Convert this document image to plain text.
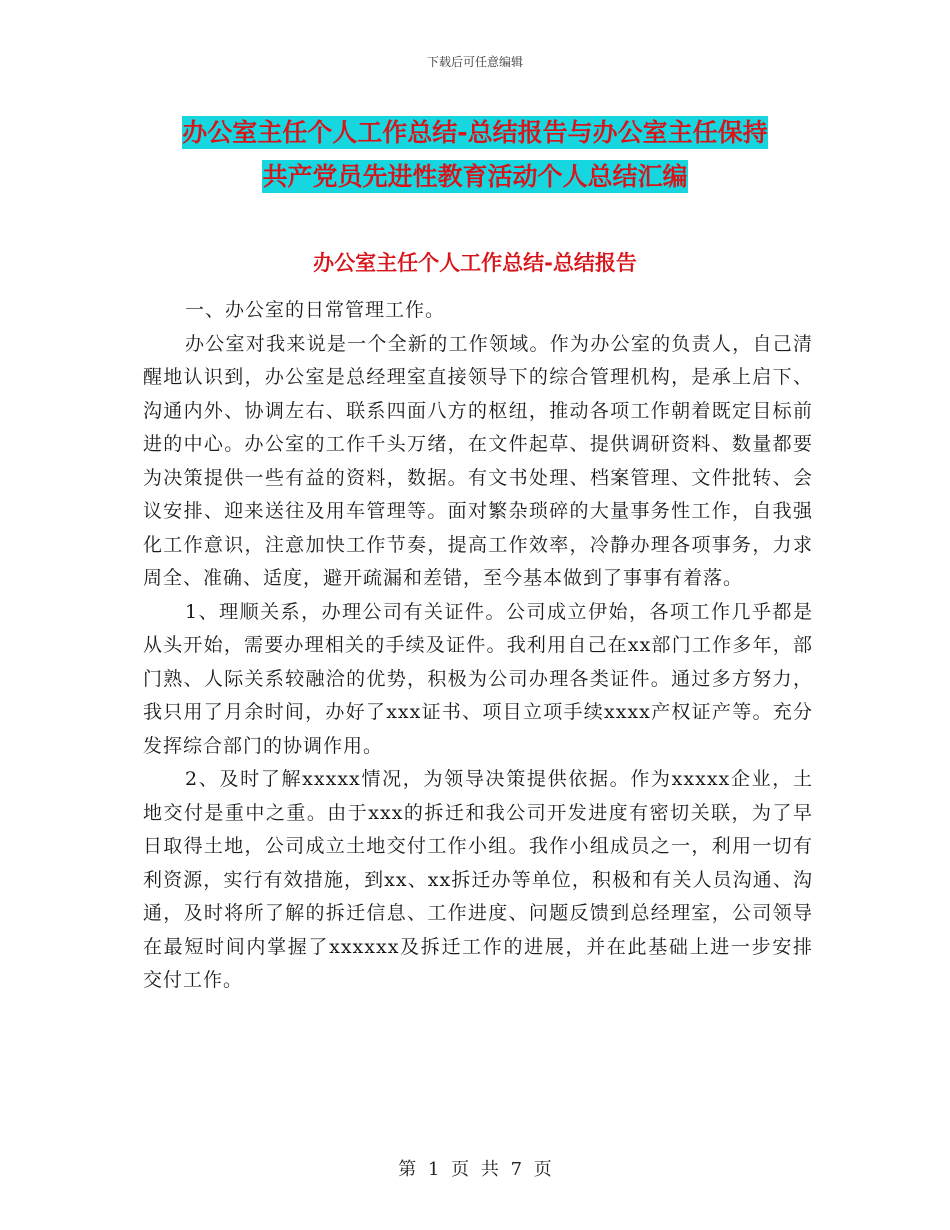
下载后可任意编辑
办公室主任个人工作总结-总结报告与办公室主任保持
共产党员先进性教育活动个人总结汇编
办公室主任个人工作总结-总结报告

一、办公室的日常管理工作。

办公室对我来说是一个全新的工作领域。作为办公室的负责人，自己清醒地认识到，办公室是总经理室直接领导下的综合管理机构，是承上启下、沟通内外、协调左右、联系四面八方的枢纽，推动各项工作朝着既定目标前进的中心。办公室的工作千头万绪，在文件起草、提供调研资料、数量都要为决策提供一些有益的资料，数据。有文书处理、档案管理、文件批转、会议安排、迎来送往及用车管理等。面对繁杂琐碎的大量事务性工作，自我强化工作意识，注意加快工作节奏，提高工作效率，冷静办理各项事务，力求周全、准确、适度，避开疏漏和差错，至今基本做到了事事有着落。

1、理顺关系，办理公司有关证件。公司成立伊始，各项工作几乎都是从头开始，需要办理相关的手续及证件。我利用自己在xx部门工作多年，部门熟、人际关系较融洽的优势，积极为公司办理各类证件。通过多方努力，我只用了月余时间，办好了xxx证书、项目立项手续xxxx产权证产等。充分发挥综合部门的协调作用。

2、及时了解xxxxx情况，为领导决策提供依据。作为xxxxx企业，土地交付是重中之重。由于xxx的拆迁和我公司开发进度有密切关联，为了早日取得土地，公司成立土地交付工作小组。我作小组成员之一，利用一切有利资源，实行有效措施，到xx、xx拆迁办等单位，积极和有关人员沟通、沟通，及时将所了解的拆迁信息、工作进度、问题反馈到总经理室，公司领导在最短时间内掌握了xxxxxx及拆迁工作的进展，并在此基础上进一步安排交付工作。

第 1 页 共 7 页
